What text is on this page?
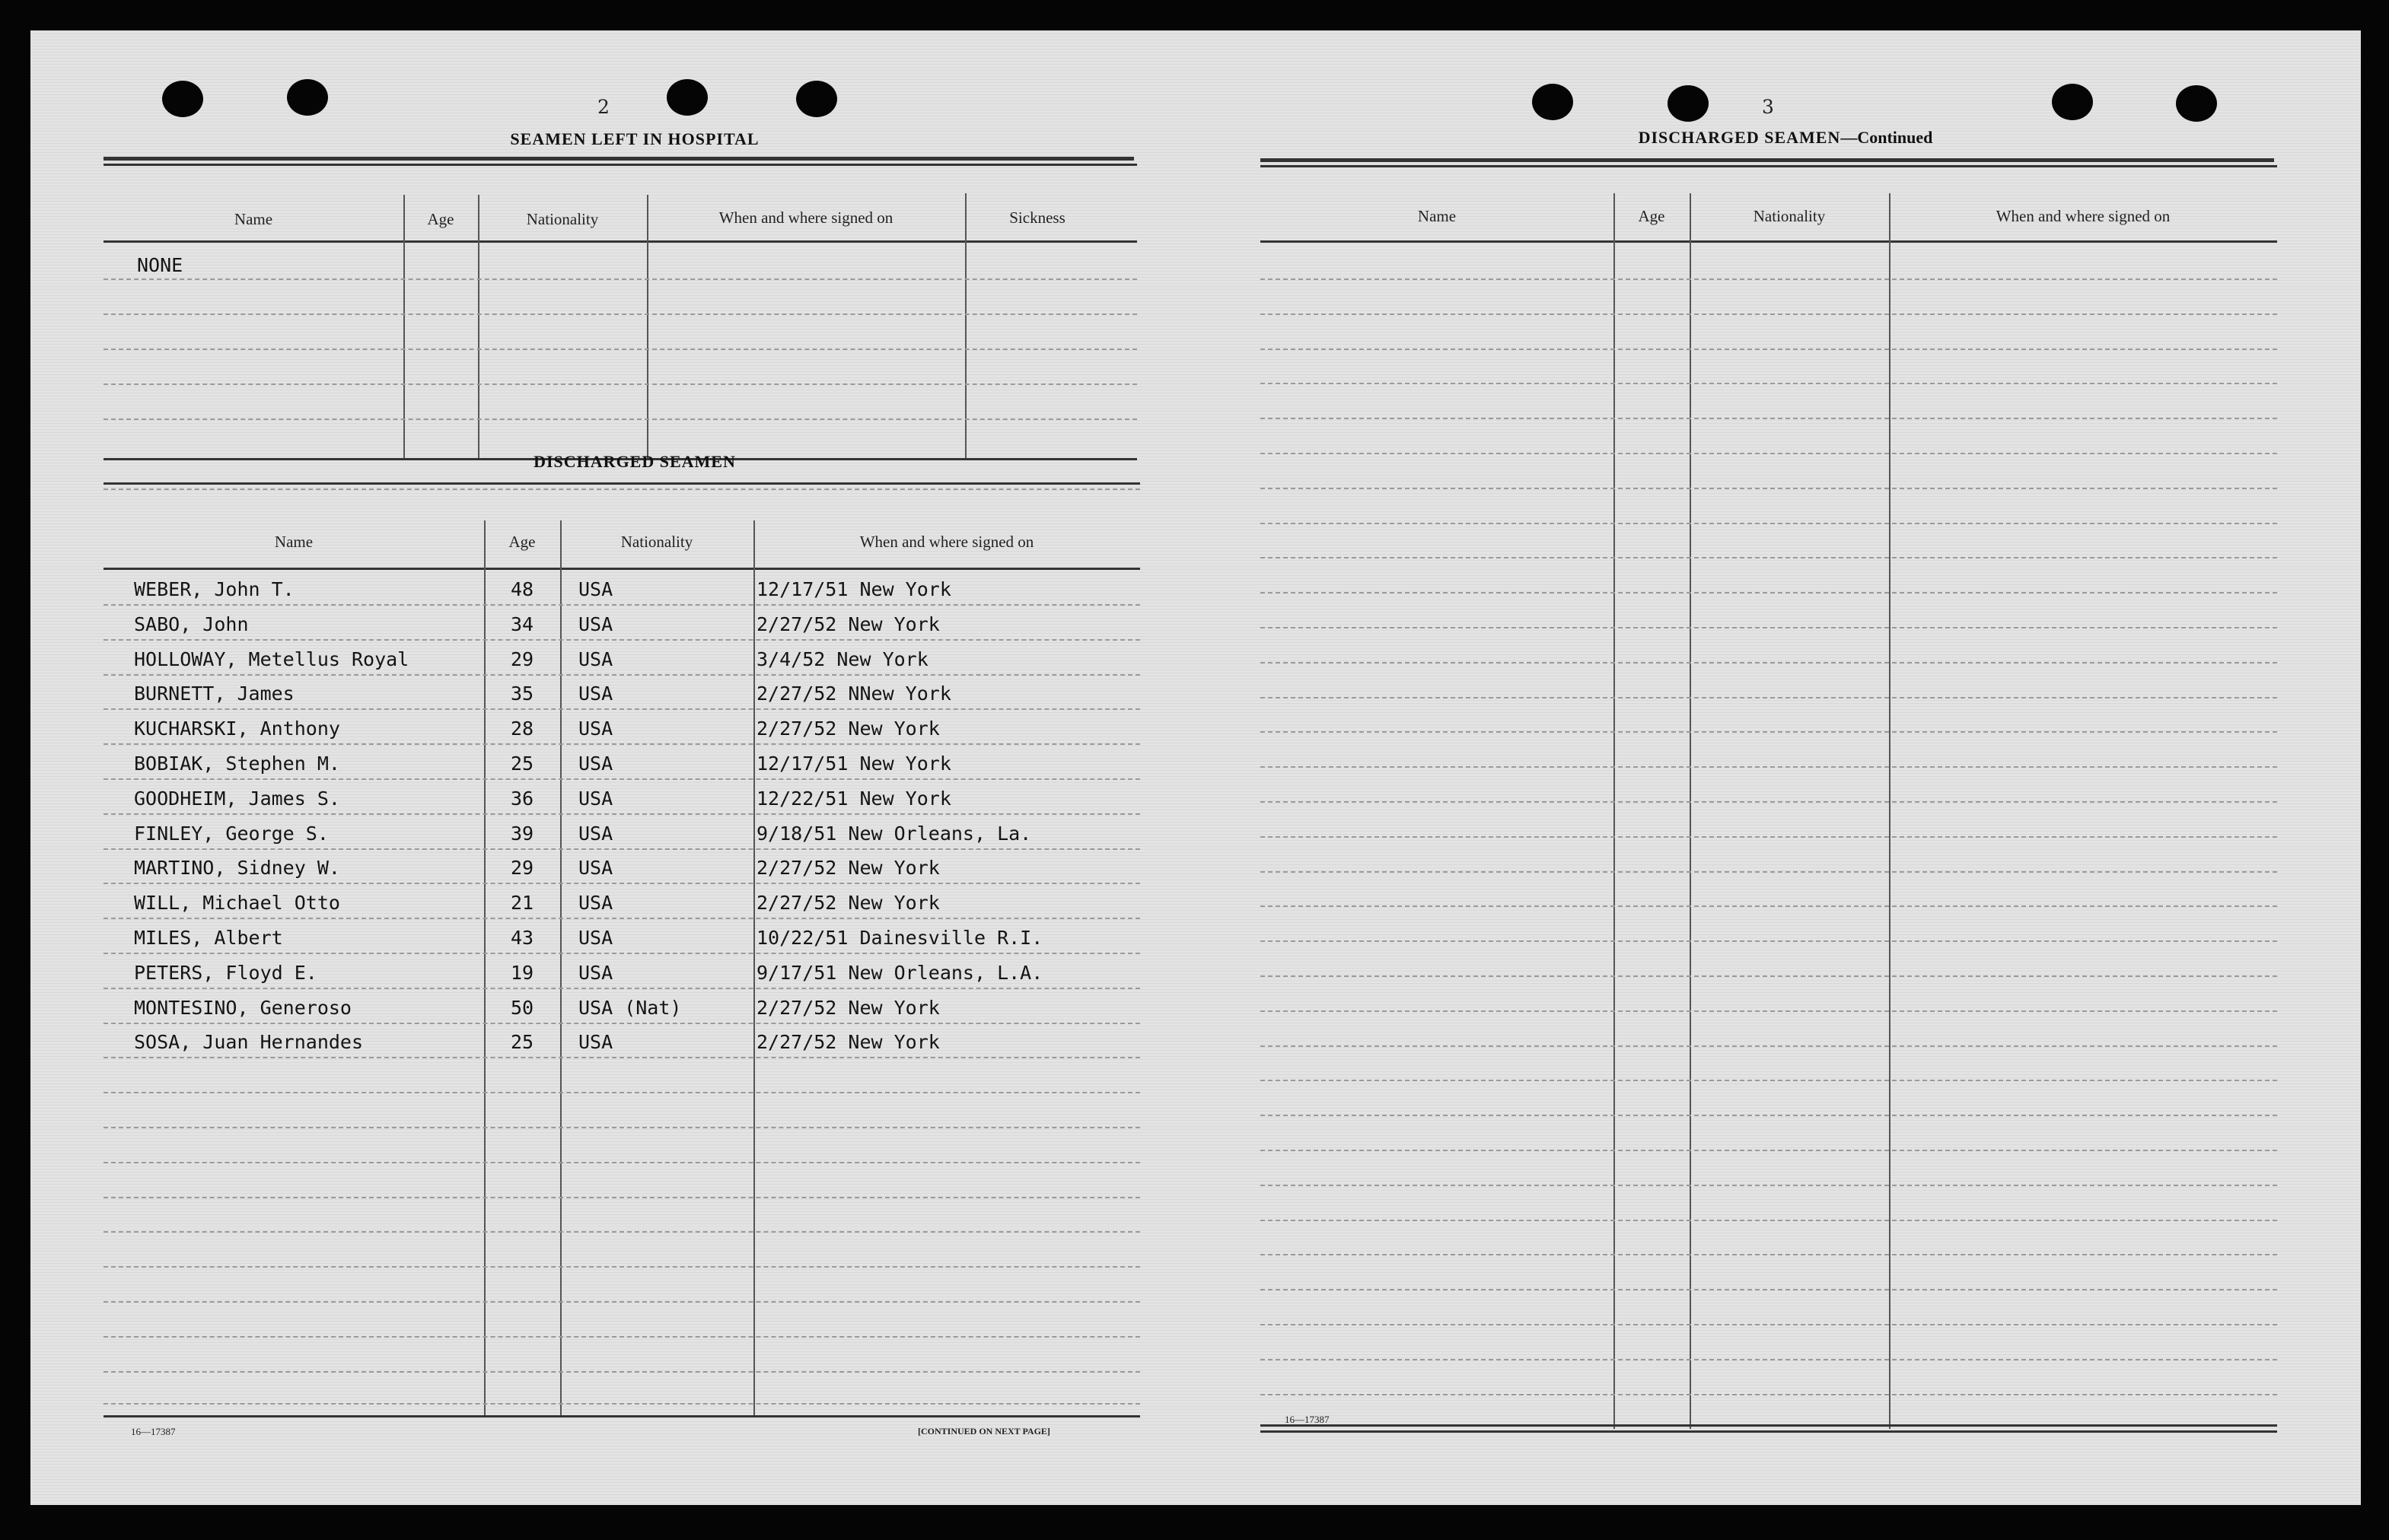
2
SEAMEN LEFT IN HOSPITAL
Name	Age	Nationality	When and where signed on	Sickness
NONE
DISCHARGED SEAMEN
Name	Age	Nationality	When and where signed on
WEBER, John T.	48	USA	12/17/51 New York
SABO, John	34	USA	2/27/52 New York
HOLLOWAY, Metellus Royal	29	USA	3/4/52 New York
BURNETT, James	35	USA	2/27/52 NNew York
KUCHARSKI, Anthony	28	USA	2/27/52 New York
BOBIAK, Stephen M.	25	USA	12/17/51 New York
GOODHEIM, James S.	36	USA	12/22/51 New York
FINLEY, George S.	39	USA	9/18/51 New Orleans, La.
MARTINO, Sidney W.	29	USA	2/27/52 New York
WILL, Michael Otto	21	USA	2/27/52 New York
MILES, Albert	43	USA	10/22/51 Dainesville R.I.
PETERS, Floyd E.	19	USA	9/17/51 New Orleans, L.A.
MONTESINO, Generoso	50	USA (Nat)	2/27/52 New York
SOSA, Juan Hernandes	25	USA	2/27/52 New York
16—17387	[CONTINUED ON NEXT PAGE]
3
DISCHARGED SEAMEN—Continued
Name	Age	Nationality	When and where signed on
16—17387
